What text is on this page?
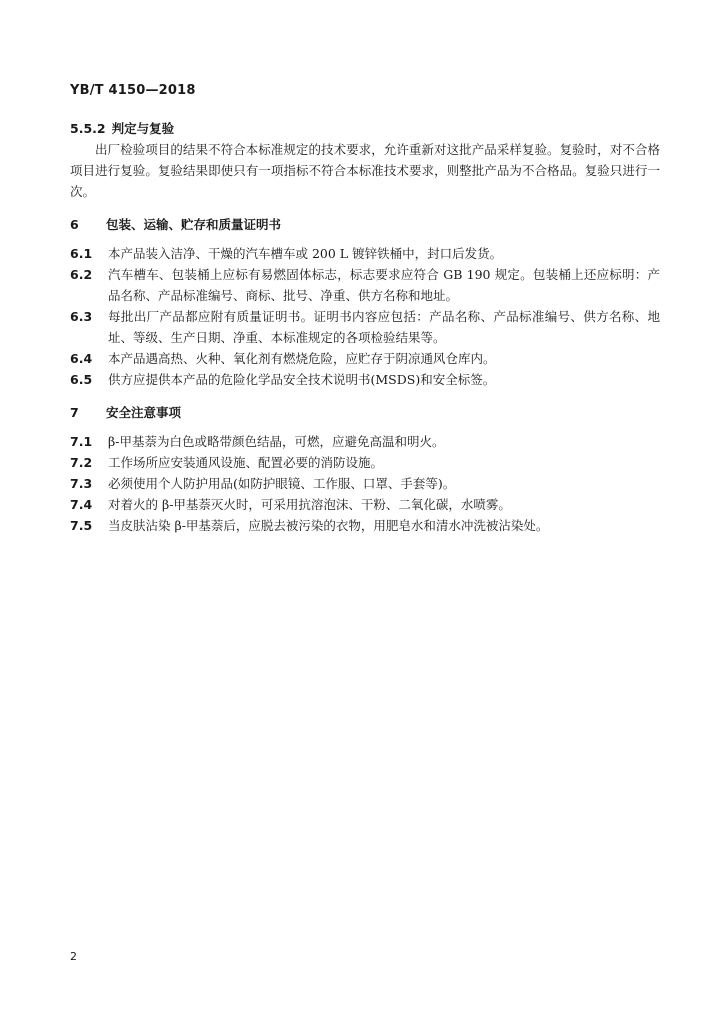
YB/T 4150—2018
5.5.2 判定与复验

出厂检验项目的结果不符合本标准规定的技术要求，允许重新对这批产品采样复验。复验时，对不合格项目进行复验。复验结果即使只有一项指标不符合本标准技术要求，则整批产品为不合格品。复验只进行一次。

6 包装、运输、贮存和质量证明书
6.1	本产品装入洁净、干燥的汽车槽车或 200 L 镀锌铁桶中，封口后发货。
6.2	汽车槽车、包装桶上应标有易燃固体标志，标志要求应符合 GB 190 规定。包装桶上还应标明：产品名称、产品标准编号、商标、批号、净重、供方名称和地址。
6.3	每批出厂产品都应附有质量证明书。证明书内容应包括：产品名称、产品标准编号、供方名称、地址、等级、生产日期、净重、本标准规定的各项检验结果等。
6.4	本产品遇高热、火种、氧化剂有燃烧危险，应贮存于阴凉通风仓库内。
6.5	供方应提供本产品的危险化学品安全技术说明书(MSDS)和安全标签。
7 安全注意事项
7.1	β-甲基萘为白色或略带颜色结晶，可燃，应避免高温和明火。
7.2	工作场所应安装通风设施、配置必要的消防设施。
7.3	必须使用个人防护用品(如防护眼镜、工作服、口罩、手套等)。
7.4	对着火的 β-甲基萘灭火时，可采用抗溶泡沫、干粉、二氧化碳，水喷雾。
7.5	当皮肤沾染 β-甲基萘后，应脱去被污染的衣物，用肥皂水和清水冲洗被沾染处。
2
